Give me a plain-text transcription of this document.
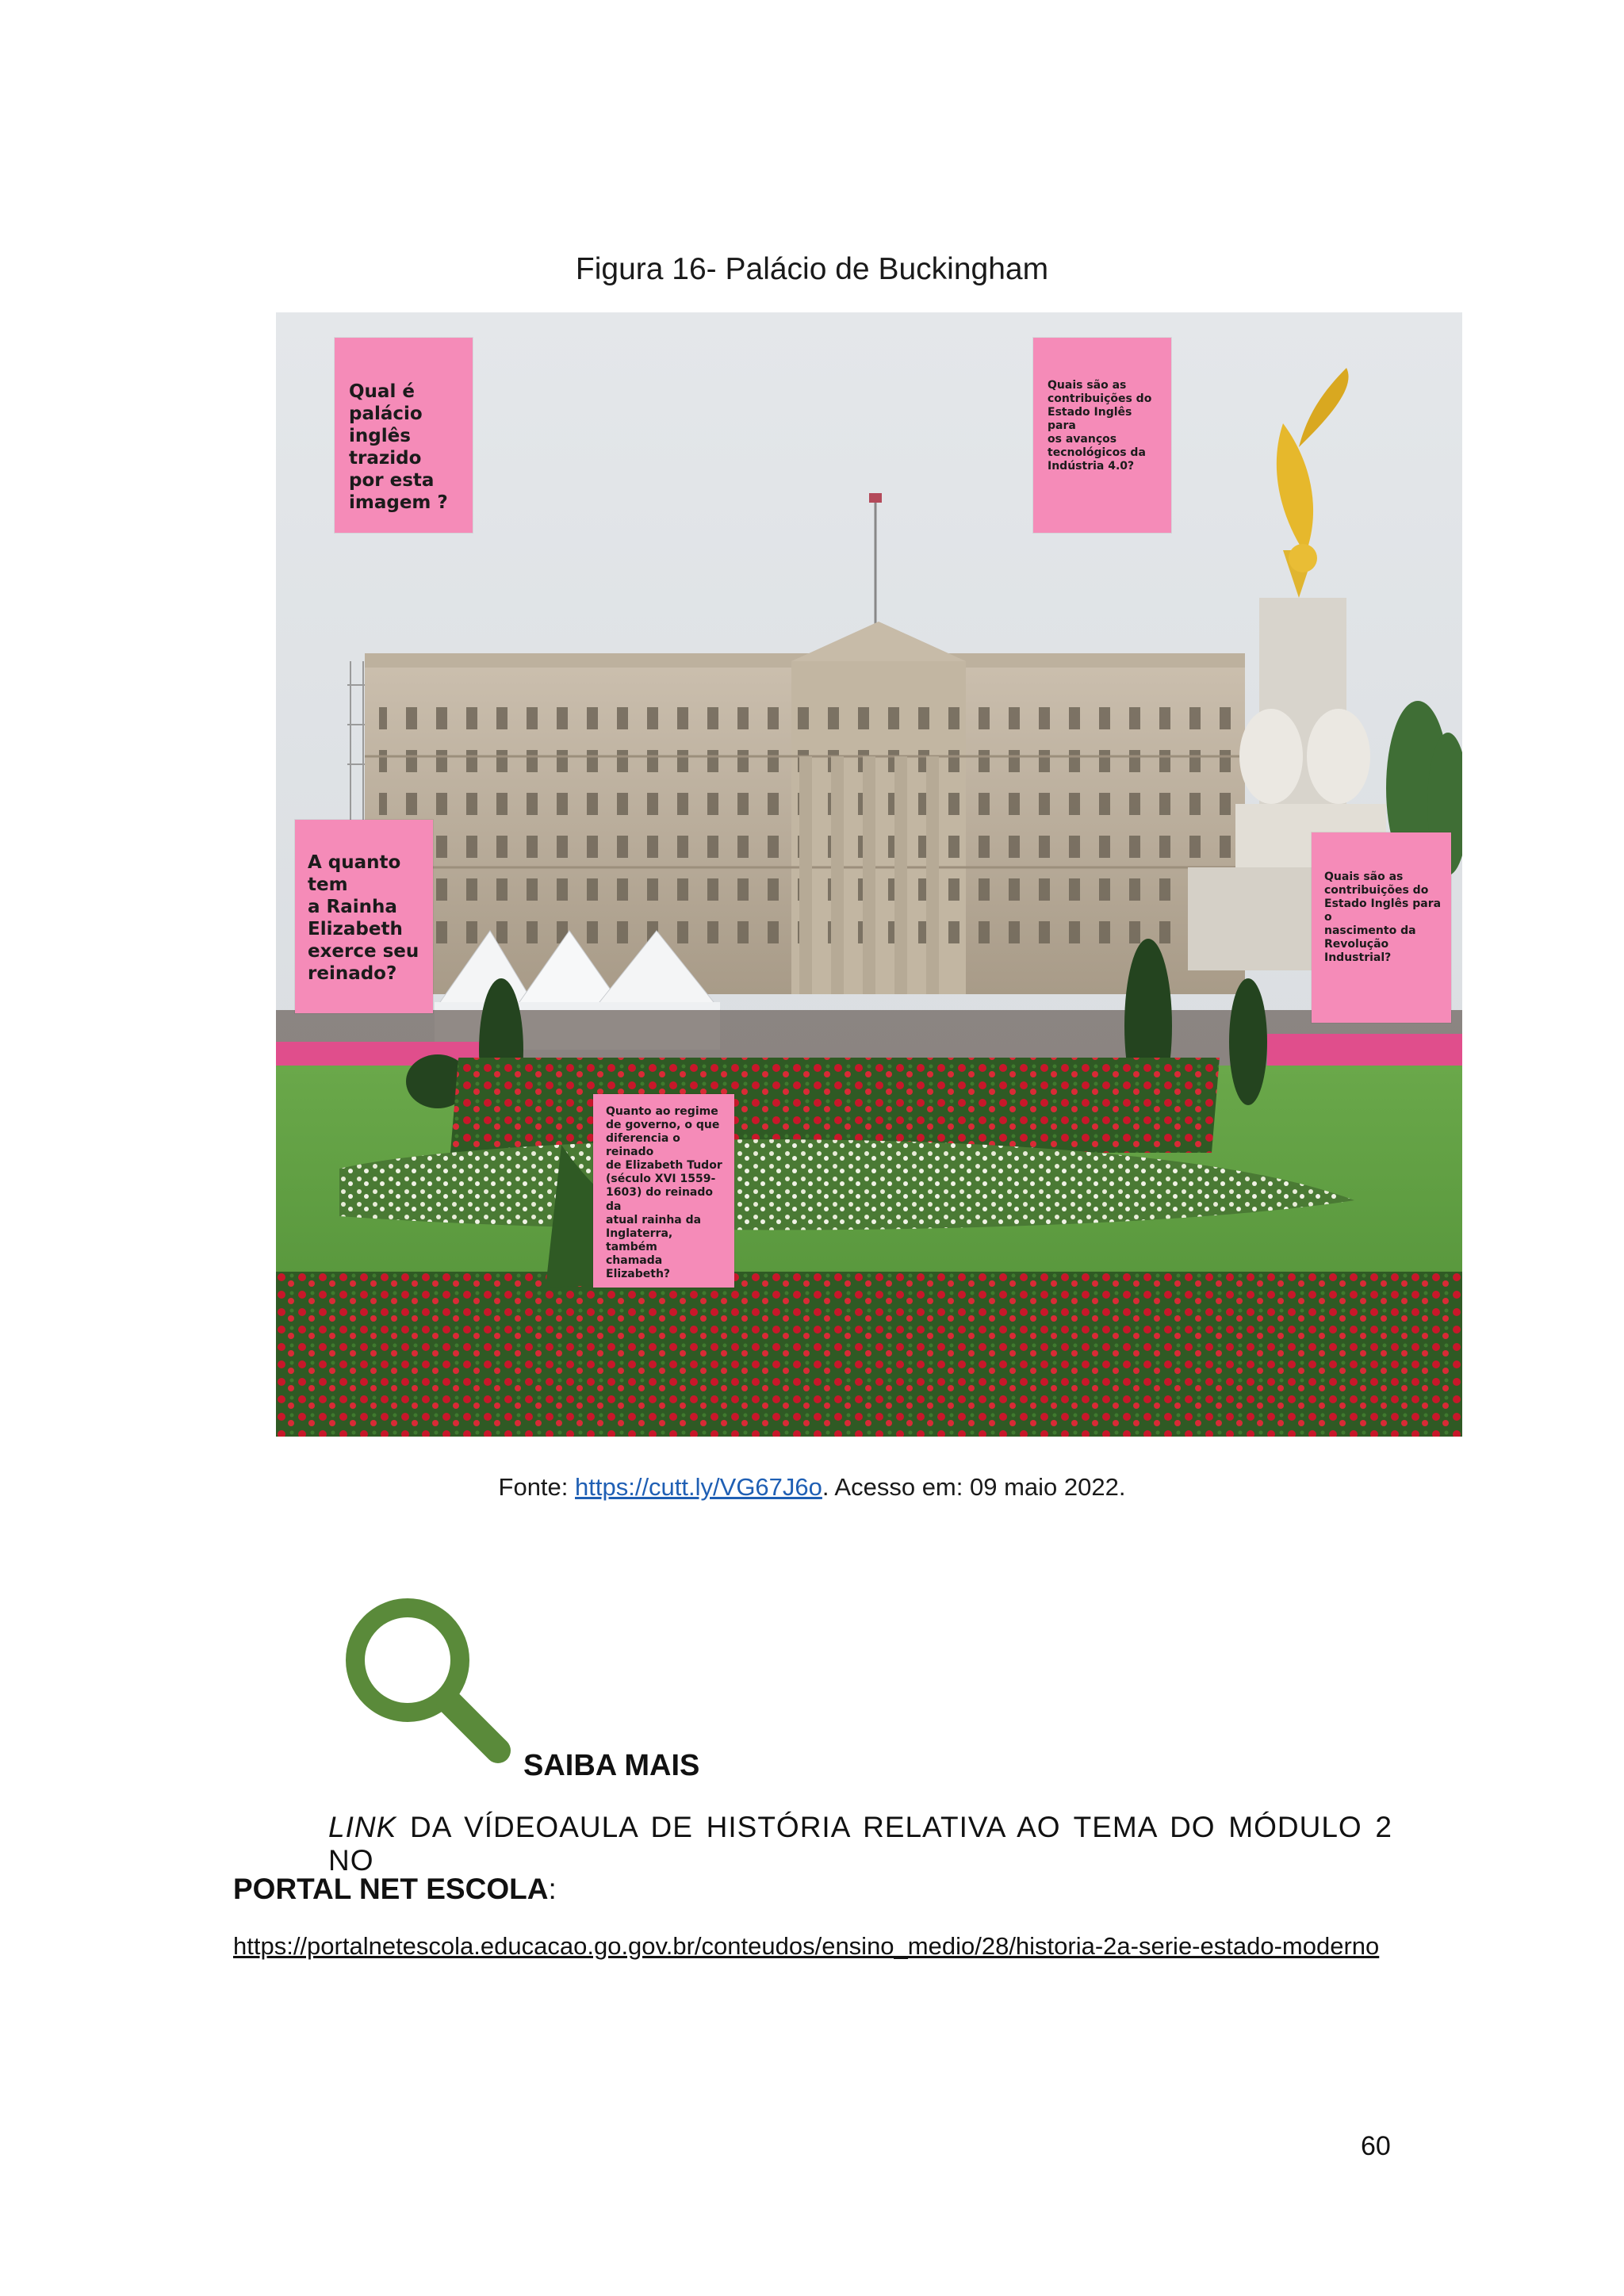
Figura 16- Palácio de Buckingham
Qual é palácio
inglês trazido
por esta
imagem ?
Quais são as
contribuições do
Estado Inglês para
os avanços
tecnológicos da
Indústria 4.0?
A quanto tem
a Rainha
Elizabeth
exerce seu
reinado?
Quais são as
contribuições do
Estado Inglês para o
nascimento da
Revolução
Industrial?
Quanto ao regime
de governo, o que
diferencia o reinado
de Elizabeth Tudor
(século XVI 1559-
1603) do reinado da
atual rainha da
Inglaterra, também
chamada Elizabeth?
Fonte: https://cutt.ly/VG67J6o. Acesso em: 09 maio 2022.
SAIBA MAIS
LINK DA VÍDEOAULA DE HISTÓRIA RELATIVA AO TEMA DO MÓDULO 2 NO
PORTAL NET ESCOLA:
https://portalnetescola.educacao.go.gov.br/conteudos/ensino_medio/28/historia-2a-serie-estado-moderno
60
